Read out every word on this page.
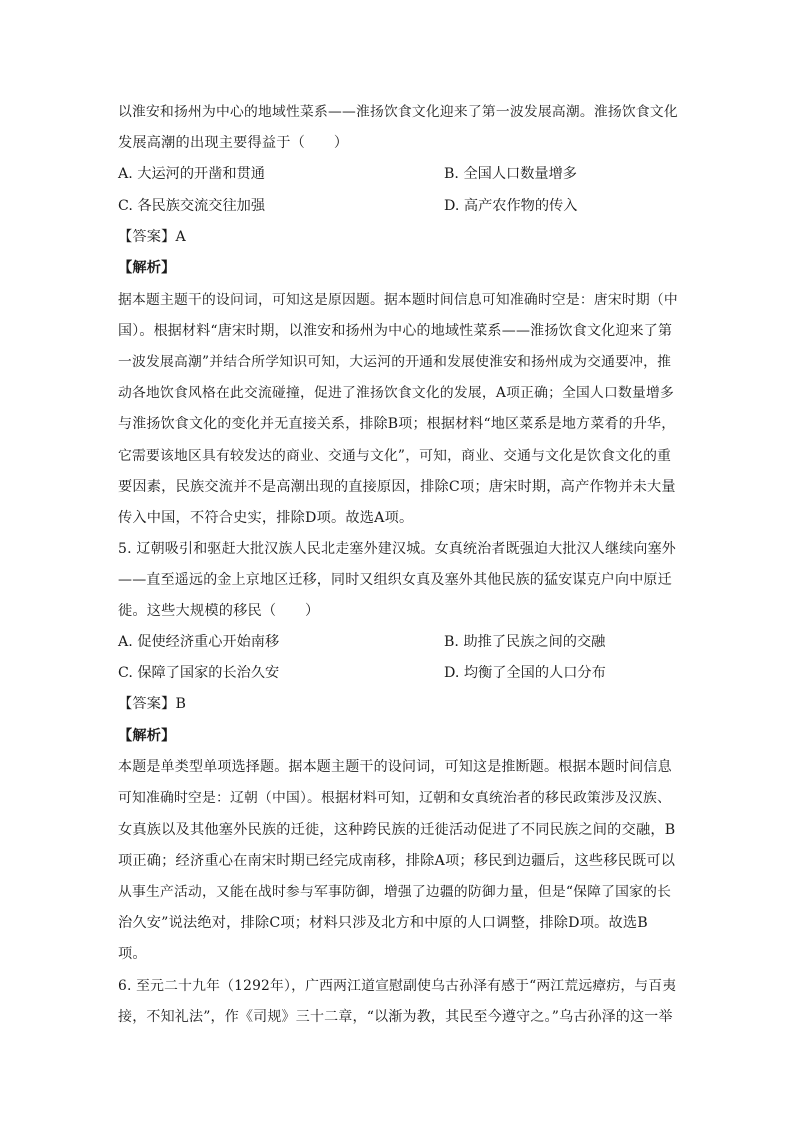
以淮安和扬州为中心的地域性菜系——淮扬饮食文化迎来了第一波发展高潮。淮扬饮食文化
发展高潮的出现主要得益于（　　）
A. 大运河的开凿和贯通	B. 全国人口数量增多
C. 各民族交流交往加强	D. 高产农作物的传入
【答案】A
【解析】
据本题主题干的设问词，可知这是原因题。据本题时间信息可知准确时空是：唐宋时期（中
国）。根据材料“唐宋时期，以淮安和扬州为中心的地域性菜系——淮扬饮食文化迎来了第
一波发展高潮”并结合所学知识可知，大运河的开通和发展使淮安和扬州成为交通要冲，推
动各地饮食风格在此交流碰撞，促进了淮扬饮食文化的发展，A项正确；全国人口数量增多
与淮扬饮食文化的变化并无直接关系，排除B项；根据材料“地区菜系是地方菜肴的升华，
它需要该地区具有较发达的商业、交通与文化”，可知，商业、交通与文化是饮食文化的重
要因素，民族交流并不是高潮出现的直接原因，排除C项；唐宋时期，高产作物并未大量
传入中国，不符合史实，排除D项。故选A项。
5. 辽朝吸引和驱赶大批汉族人民北走塞外建汉城。女真统治者既强迫大批汉人继续向塞外
——直至遥远的金上京地区迁移，同时又组织女真及塞外其他民族的猛安谋克户向中原迁
徙。这些大规模的移民（　　）
A. 促使经济重心开始南移	B. 助推了民族之间的交融
C. 保障了国家的长治久安	D. 均衡了全国的人口分布
【答案】B
【解析】
本题是单类型单项选择题。据本题主题干的设问词，可知这是推断题。根据本题时间信息
可知准确时空是：辽朝（中国）。根据材料可知，辽朝和女真统治者的移民政策涉及汉族、
女真族以及其他塞外民族的迁徙，这种跨民族的迁徙活动促进了不同民族之间的交融，B
项正确；经济重心在南宋时期已经完成南移，排除A项；移民到边疆后，这些移民既可以
从事生产活动，又能在战时参与军事防御，增强了边疆的防御力量，但是“保障了国家的长
治久安”说法绝对，排除C项；材料只涉及北方和中原的人口调整，排除D项。故选B
项。
6. 至元二十九年（1292年），广西两江道宣慰副使乌古孙泽有感于“两江荒远瘴疠，与百夷
接，不知礼法”，作《司规》三十二章，“以渐为教，其民至今遵守之。”乌古孙泽的这一举
